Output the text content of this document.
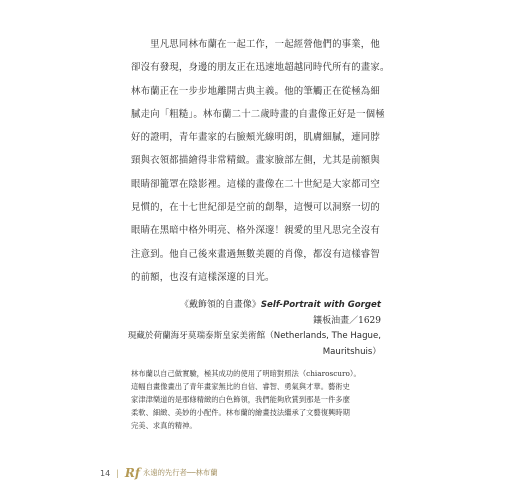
　　里凡思同林布蘭在一起工作，一起經營他們的事業，他
卻沒有發現，身邊的朋友正在迅速地超越同時代所有的畫家。
林布蘭正在一步步地離開古典主義。他的筆觸正在從極為細
膩走向「粗糙」。林布蘭二十二歲時畫的自畫像正好是一個極
好的證明，青年畫家的右臉頰光線明朗，肌膚細膩，連同脖
頸與衣領都描繪得非常精緻。畫家臉部左側，尤其是前額與
眼睛卻籠罩在陰影裡。這樣的畫像在二十世紀是大家都司空
見慣的，在十七世紀卻是空前的創舉，這慢可以洞察一切的
眼睛在黑暗中格外明亮、格外深邃！親愛的里凡思完全沒有
注意到。他自己後來畫過無數美麗的肖像，都沒有這樣睿智
的前額，也沒有這樣深邃的目光。
《戴飾領的自畫像》Self-Portrait with Gorget
鑲板油畫／1629
現藏於荷蘭海牙莫瑞泰斯皇家美術館（Netherlands, The Hague,
Mauritshuis）
林布蘭以自己做實驗，極其成功的使用了明暗對照法（chiaroscuro）。
這幅自畫像畫出了青年畫家無比的自信、睿智、勇氣與才華。藝術史
家津津樂道的是那條精緻的白色飾領，我們能夠欣賞到那是一件多麼
柔軟、細緻、美妙的小配件。林布蘭的繪畫技法繼承了文藝復興時期
完美、求真的精神。
14 | Rf 永遠的先行者──林布蘭
